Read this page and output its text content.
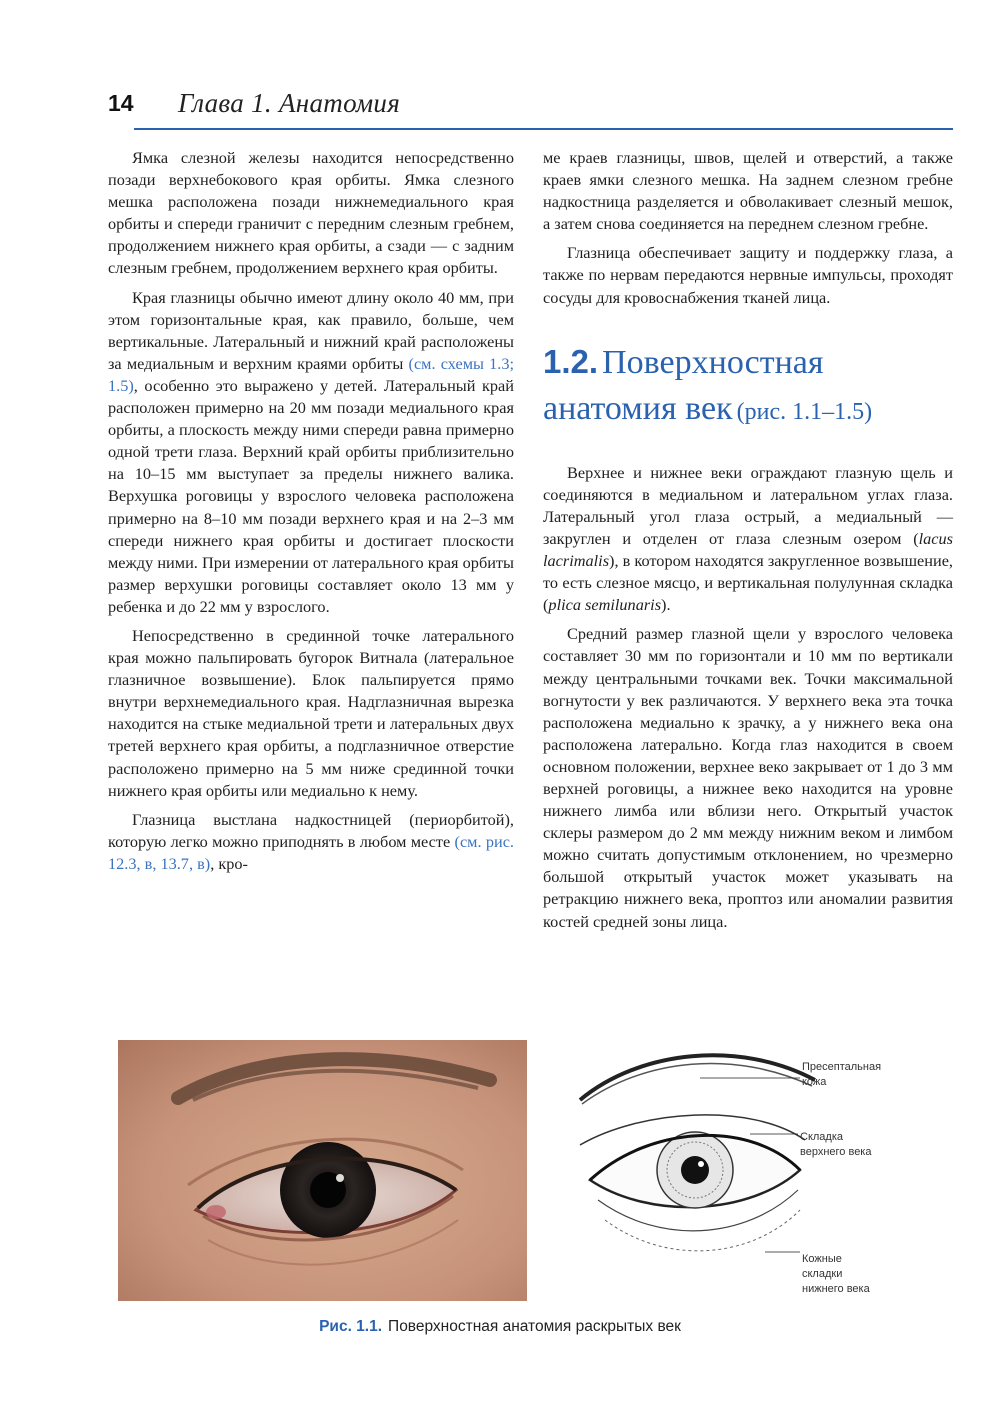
14 Глава 1. Анатомия

Ямка слезной железы находится непосредственно позади верхнебокового края орбиты. Ямка слезного мешка расположена позади нижнемедиального края орбиты и спереди граничит с передним слезным гребнем, продолжением нижнего края орбиты, а сзади — с задним слезным гребнем, продолжением верхнего края орбиты.

Края глазницы обычно имеют длину около 40 мм, при этом горизонтальные края, как правило, больше, чем вертикальные. Латеральный и нижний край расположены за медиальным и верхним краями орбиты (см. схемы 1.3; 1.5), особенно это выражено у детей. Латеральный край расположен примерно на 20 мм позади медиального края орбиты, а плоскость между ними спереди равна примерно одной трети глаза. Верхний край орбиты приблизительно на 10–15 мм выступает за пределы нижнего валика. Верхушка роговицы у взрослого человека расположена примерно на 8–10 мм позади верхнего края и на 2–3 мм спереди нижнего края орбиты и достигает плоскости между ними. При измерении от латерального края орбиты размер верхушки роговицы составляет около 13 мм у ребенка и до 22 мм у взрослого.

Непосредственно в срединной точке латерального края можно пальпировать бугорок Витнала (латеральное глазничное возвышение). Блок пальпируется прямо внутри верхнемедиального края. Надглазничная вырезка находится на стыке медиальной трети и латеральных двух третей верхнего края орбиты, а подглазничное отверстие расположено примерно на 5 мм ниже срединной точки нижнего края орбиты или медиально к нему.

Глазница выстлана надкостницей (периорбитой), которую легко можно приподнять в любом месте (см. рис. 12.3, в, 13.7, в), кро-

ме краев глазницы, швов, щелей и отверстий, а также краев ямки слезного мешка. На заднем слезном гребне надкостница разделяется и обволакивает слезный мешок, а затем снова соединяется на переднем слезном гребне.

Глазница обеспечивает защиту и поддержку глаза, а также по нервам передаются нервные импульсы, проходят сосуды для кровоснабжения тканей лица.

1.2. Поверхностная
анатомия век (рис. 1.1–1.5)

Верхнее и нижнее веки ограждают глазную щель и соединяются в медиальном и латеральном углах глаза. Латеральный угол глаза острый, а медиальный — закруглен и отделен от глаза слезным озером (lacus lacrimalis), в котором находятся закругленное возвышение, то есть слезное мясцо, и вертикальная полулунная складка (plica semilunaris).

Средний размер глазной щели у взрослого человека составляет 30 мм по горизонтали и 10 мм по вертикали между центральными точками век. Точки максимальной вогнутости у век различаются. У верхнего века эта точка расположена медиально к зрачку, а у нижнего века она расположена латерально. Когда глаз находится в своем основном положении, верхнее веко закрывает от 1 до 3 мм верхней роговицы, а нижнее веко находится на уровне нижнего лимба или вблизи него. Открытый участок склеры размером до 2 мм между нижним веком и лимбом можно считать допустимым отклонением, но чрезмерно большой открытый участок может указывать на ретракцию нижнего века, проптоз или аномалии развития костей средней зоны лица.

Пресептальная
кожа
Складка
верхнего века
Кожные
складки
нижнего века
Рис. 1.1. Поверхностная анатомия раскрытых век
